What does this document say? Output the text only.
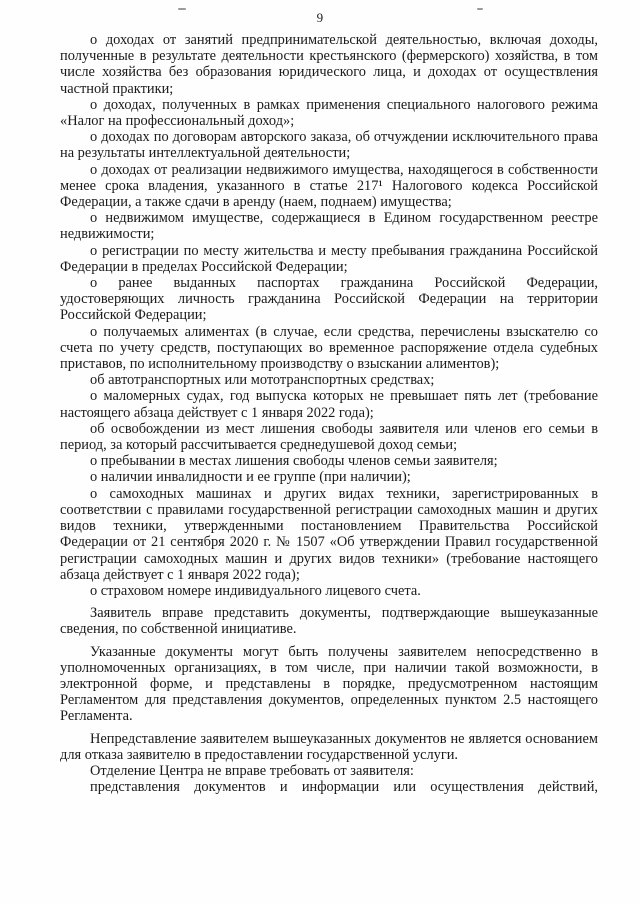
9

о доходах от занятий предпринимательской деятельностью, включая доходы, полученные в результате деятельности крестьянского (фермерского) хозяйства, в том числе хозяйства без образования юридического лица, и доходах от осуществления частной практики;

о доходах, полученных в рамках применения специального налогового режима «Налог на профессиональный доход»;

о доходах по договорам авторского заказа, об отчуждении исключительного права на результаты интеллектуальной деятельности;

о доходах от реализации недвижимого имущества, находящегося в собственности менее срока владения, указанного в статье 217¹ Налогового кодекса Российской Федерации, а также сдачи в аренду (наем, поднаем) имущества;

о недвижимом имуществе, содержащиеся в Едином государственном реестре недвижимости;

о регистрации по месту жительства и месту пребывания гражданина Российской Федерации в пределах Российской Федерации;

о ранее выданных паспортах гражданина Российской Федерации, удостоверяющих личность гражданина Российской Федерации на территории Российской Федерации;

о получаемых алиментах (в случае, если средства, перечислены взыскателю со счета по учету средств, поступающих во временное распоряжение отдела судебных приставов, по исполнительному производству о взыскании алиментов);

об автотранспортных или мототранспортных средствах;

о маломерных судах, год выпуска которых не превышает пять лет (требование настоящего абзаца действует с 1 января 2022 года);

об освобождении из мест лишения свободы заявителя или членов его семьи в период, за который рассчитывается среднедушевой доход семьи;

о пребывании в местах лишения свободы членов семьи заявителя;

о наличии инвалидности и ее группе (при наличии);

о самоходных машинах и других видах техники, зарегистрированных в соответствии с правилами государственной регистрации самоходных машин и других видов техники, утвержденными постановлением Правительства Российской Федерации от 21 сентября 2020 г. № 1507 «Об утверждении Правил государственной регистрации самоходных машин и других видов техники» (требование настоящего абзаца действует с 1 января 2022 года);

о страховом номере индивидуального лицевого счета.

Заявитель вправе представить документы, подтверждающие вышеуказанные сведения, по собственной инициативе.

Указанные документы могут быть получены заявителем непосредственно в уполномоченных организациях, в том числе, при наличии такой возможности, в электронной форме, и представлены в порядке, предусмотренном настоящим Регламентом для представления документов, определенных пунктом 2.5 настоящего Регламента.

Непредставление заявителем вышеуказанных документов не является основанием для отказа заявителю в предоставлении государственной услуги.

Отделение Центра не вправе требовать от заявителя:

представления документов и информации или осуществления действий,
